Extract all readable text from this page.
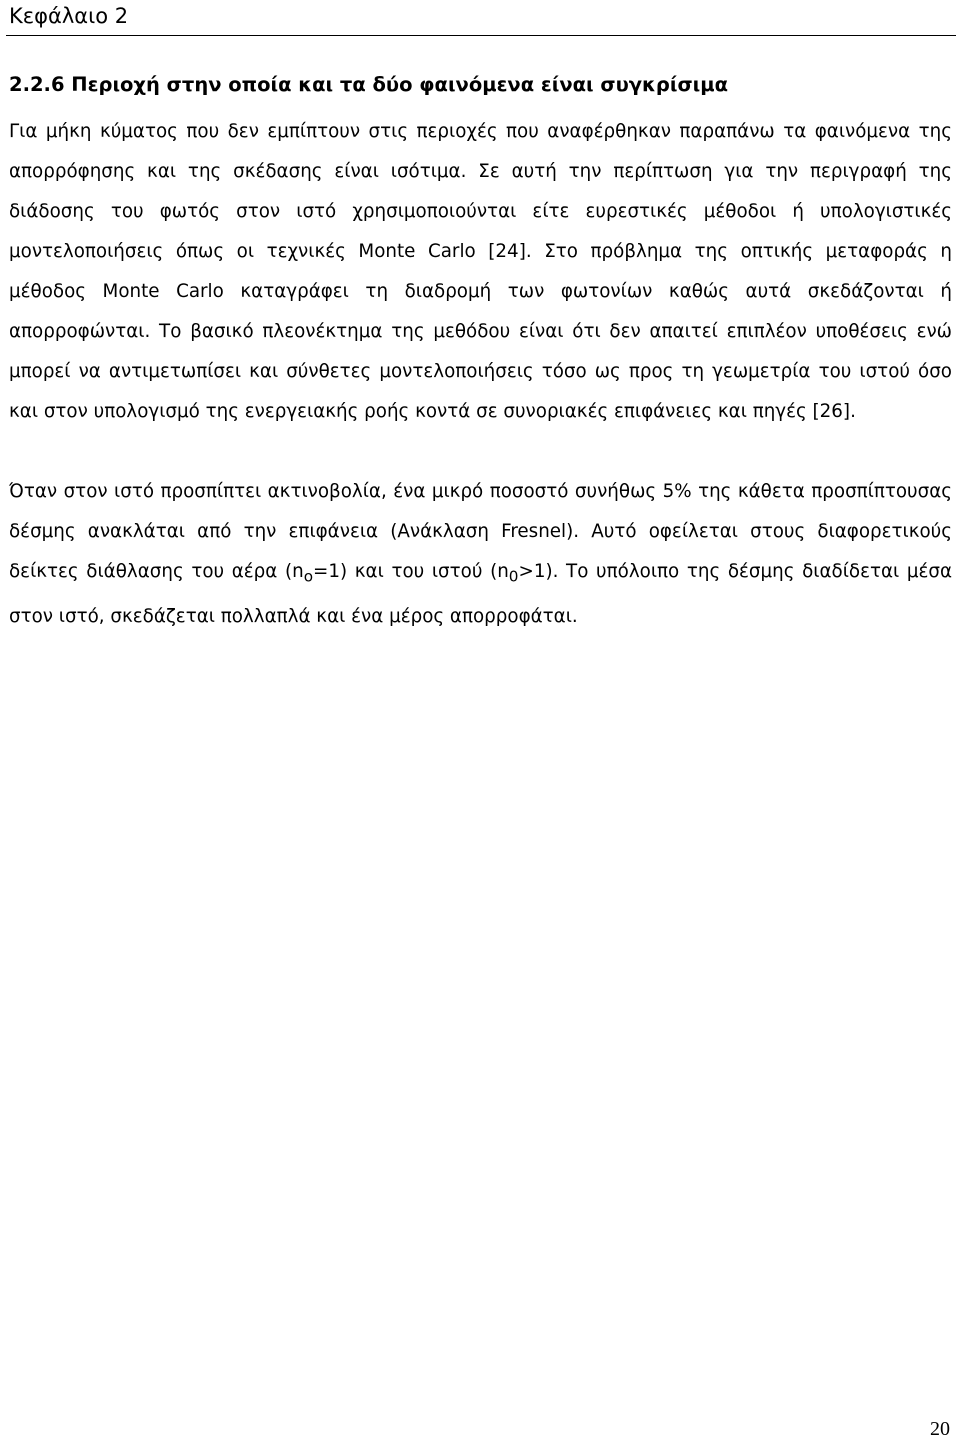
Κεφάλαιο 2
2.2.6 Περιοχή στην οποία και τα δύο φαινόμενα είναι συγκρίσιμα

Για μήκη κύματος που δεν εμπίπτουν στις περιοχές που αναφέρθηκαν παραπάνω τα φαινόμενα της απορρόφησης και της σκέδασης είναι ισότιμα. Σε αυτή την περίπτωση για την περιγραφή της διάδοσης του φωτός στον ιστό χρησιμοποιούνται είτε ευρεστικές μέθοδοι ή υπολογιστικές μοντελοποιήσεις όπως οι τεχνικές Monte Carlo [24]. Στο πρόβλημα της οπτικής μεταφοράς η μέθοδος Monte Carlo καταγράφει τη διαδρομή των φωτονίων καθώς αυτά σκεδάζονται ή απορροφώνται. Το βασικό πλεονέκτημα της μεθόδου είναι ότι δεν απαιτεί επιπλέον υποθέσεις ενώ μπορεί να αντιμετωπίσει και σύνθετες μοντελοποιήσεις τόσο ως προς τη γεωμετρία του ιστού όσο και στον υπολογισμό της ενεργειακής ροής κοντά σε συνοριακές επιφάνειες και πηγές [26].

Όταν στον ιστό προσπίπτει ακτινοβολία, ένα μικρό ποσοστό συνήθως 5% της κάθετα προσπίπτουσας δέσμης ανακλάται από την επιφάνεια (Ανάκλαση Fresnel). Αυτό οφείλεται στους διαφορετικούς δείκτες διάθλασης του αέρα $(n_o=1)$ και του ιστού $(n_0>1)$. Το υπόλοιπο της δέσμης διαδίδεται μέσα στον ιστό, σκεδάζεται πολλαπλά και ένα μέρος απορροφάται.

20
